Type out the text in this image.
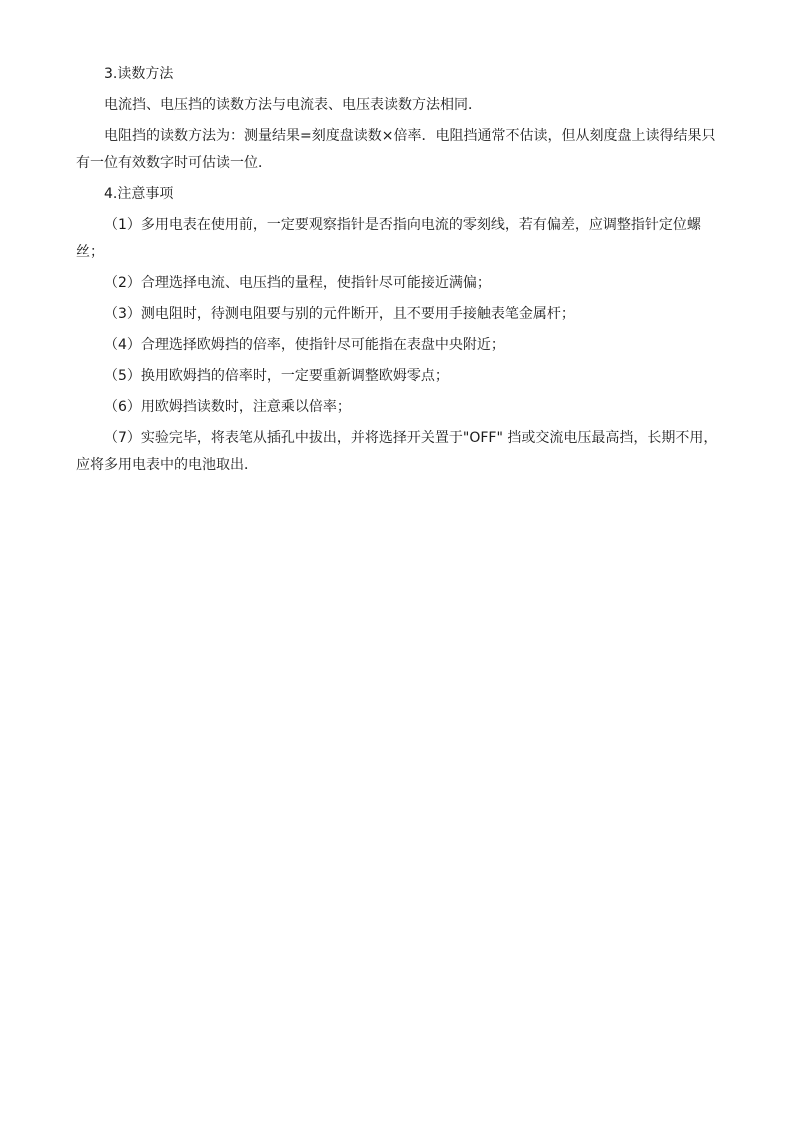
3.读数方法

电流挡、电压挡的读数方法与电流表、电压表读数方法相同．

电阻挡的读数方法为：测量结果=刻度盘读数×倍率．电阻挡通常不估读，但从刻度盘上读得结果只

有一位有效数字时可估读一位．

4.注意事项

（1）多用电表在使用前，一定要观察指针是否指向电流的零刻线，若有偏差，应调整指针定位螺

丝；

（2）合理选择电流、电压挡的量程，使指针尽可能接近满偏；

（3）测电阻时，待测电阻要与别的元件断开，且不要用手接触表笔金属杆；

（4）合理选择欧姆挡的倍率，使指针尽可能指在表盘中央附近；

（5）换用欧姆挡的倍率时，一定要重新调整欧姆零点；

（6）用欧姆挡读数时，注意乘以倍率；

（7）实验完毕，将表笔从插孔中拔出，并将选择开关置于"OFF" 挡或交流电压最高挡，长期不用，

应将多用电表中的电池取出．
